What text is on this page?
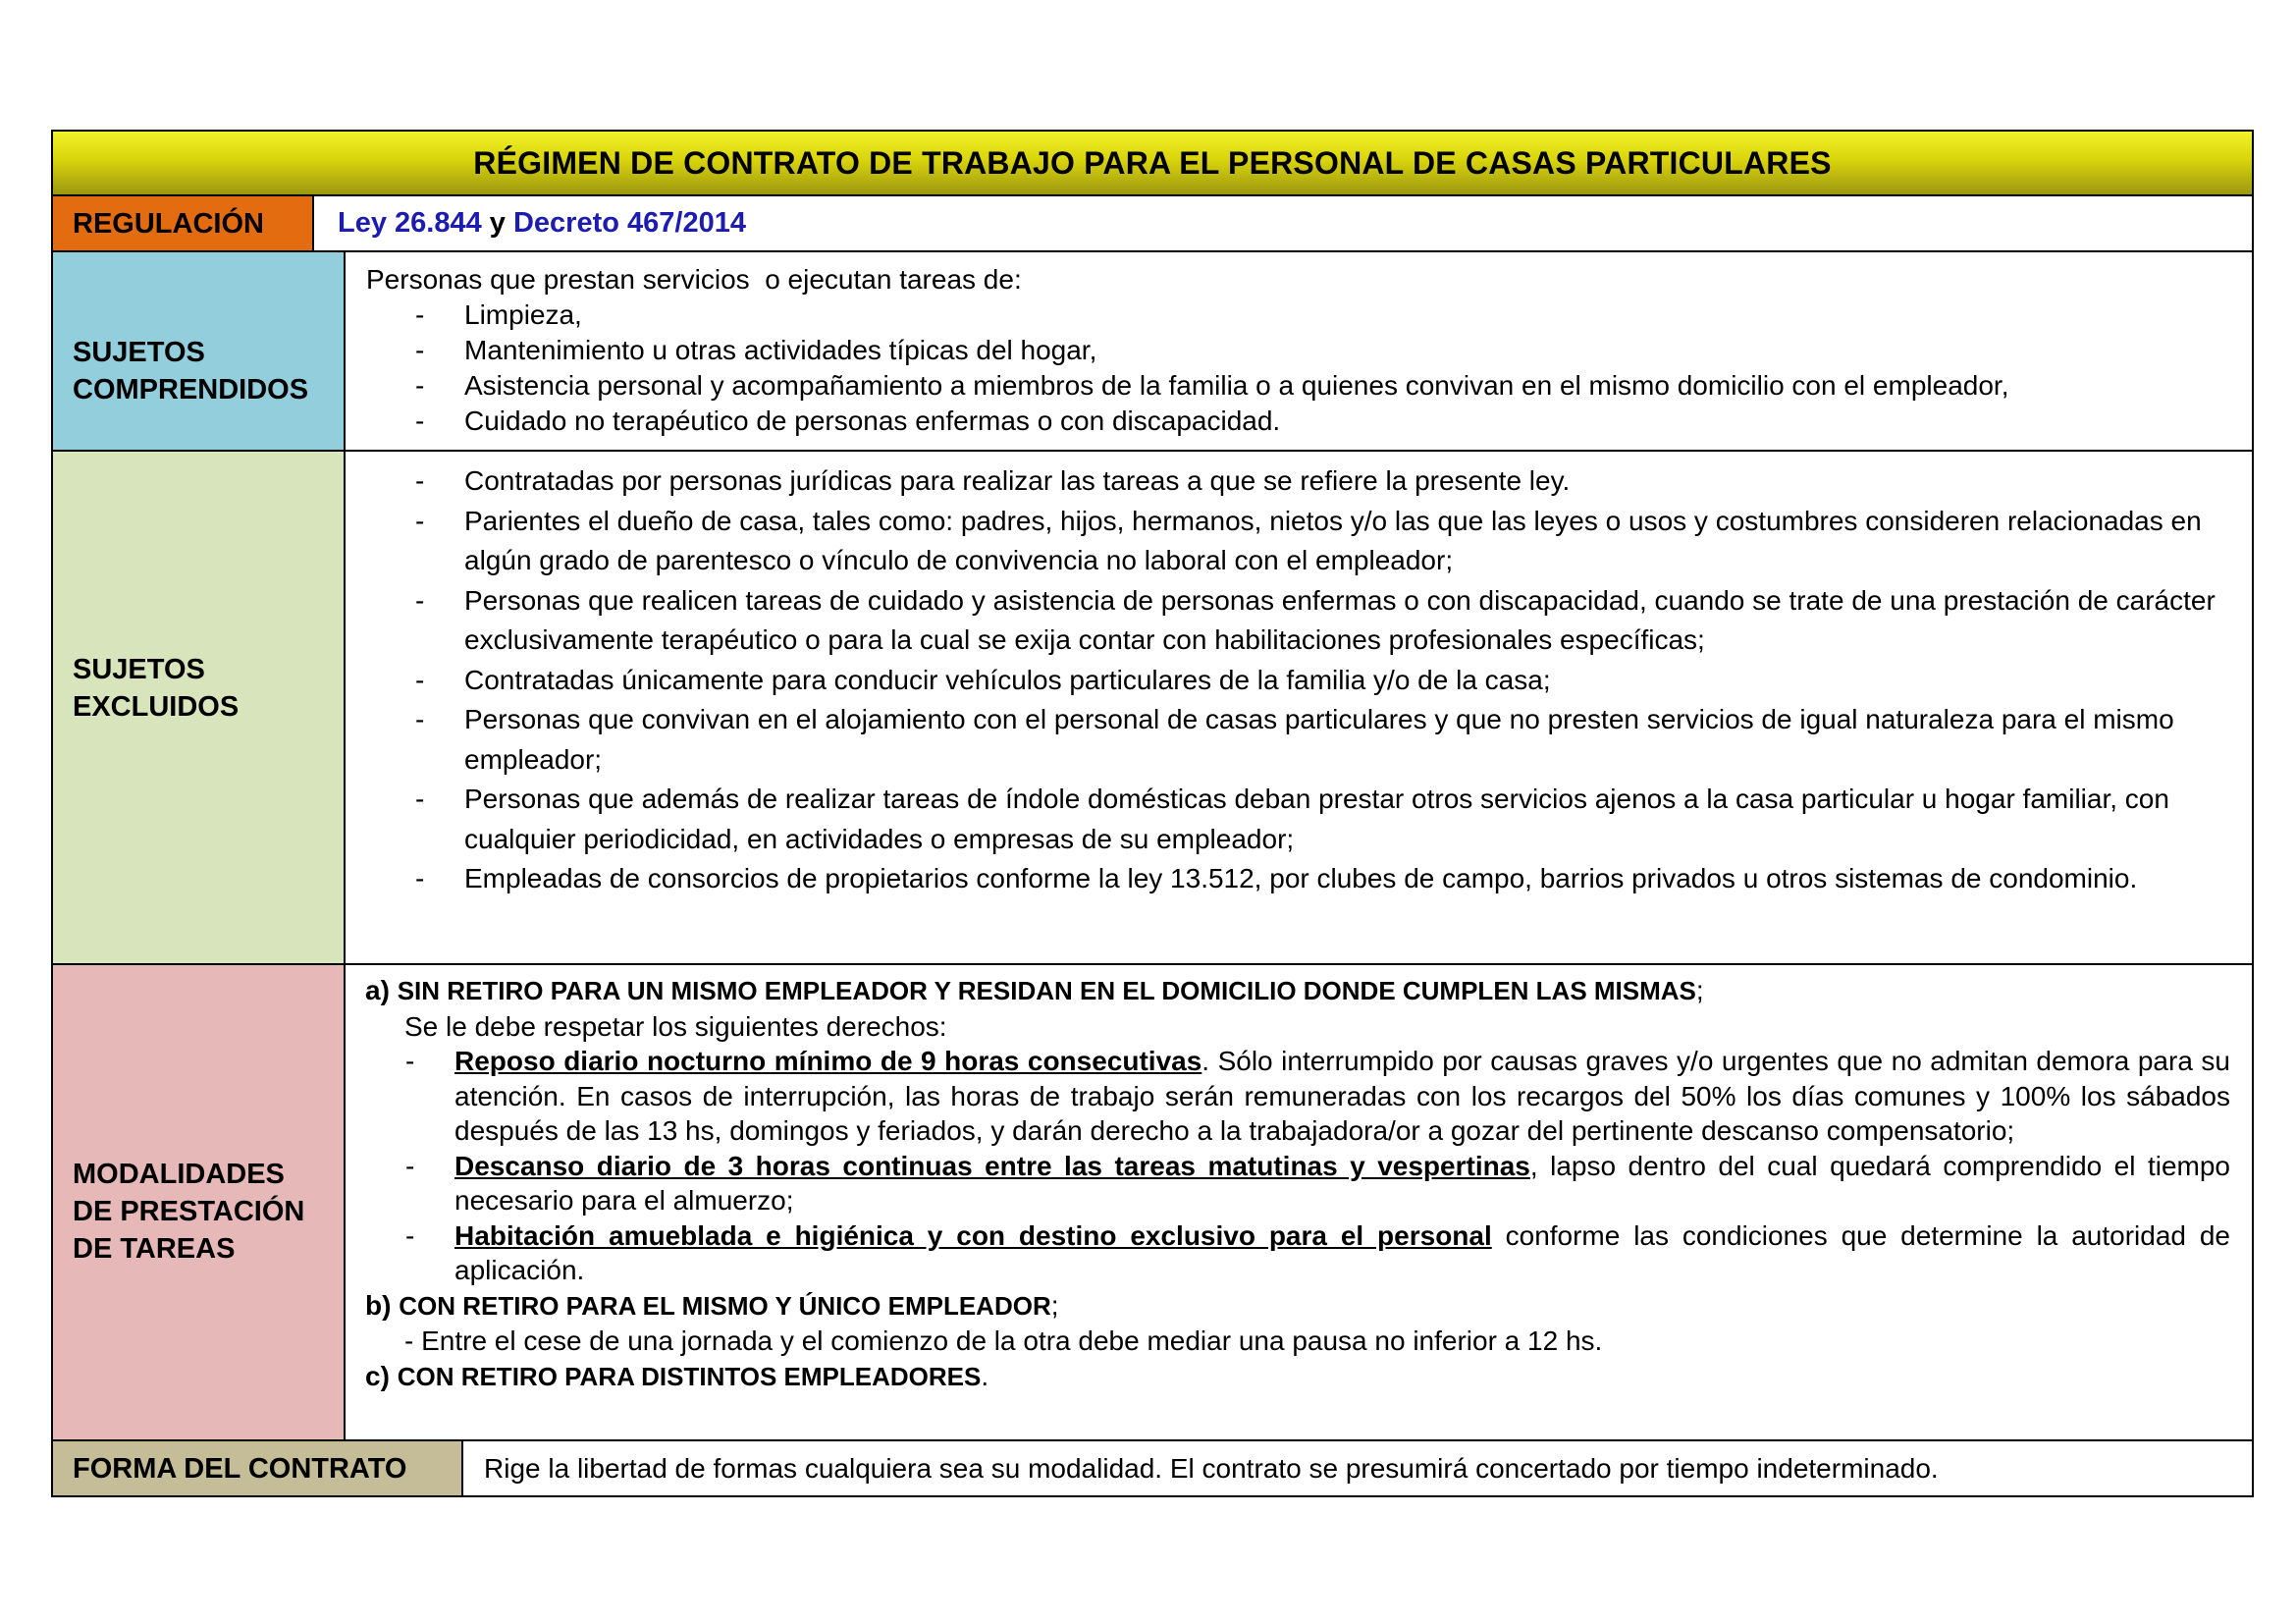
RÉGIMEN DE CONTRATO DE TRABAJO PARA EL PERSONAL DE CASAS PARTICULARES
REGULACIÓN	Ley 26.844 y Decreto 467/2014
SUJETOS
COMPRENDIDOS
Personas que prestan servicios  o ejecutan tareas de:
- Limpieza,
- Mantenimiento u otras actividades típicas del hogar,
- Asistencia personal y acompañamiento a miembros de la familia o a quienes convivan en el mismo domicilio con el empleador,
- Cuidado no terapéutico de personas enfermas o con discapacidad.
SUJETOS
EXCLUIDOS
- Contratadas por personas jurídicas para realizar las tareas a que se refiere la presente ley.
- Parientes el dueño de casa, tales como: padres, hijos, hermanos, nietos y/o las que las leyes o usos y costumbres consideren relacionadas en algún grado de parentesco o vínculo de convivencia no laboral con el empleador;
- Personas que realicen tareas de cuidado y asistencia de personas enfermas o con discapacidad, cuando se trate de una prestación de carácter exclusivamente terapéutico o para la cual se exija contar con habilitaciones profesionales específicas;
- Contratadas únicamente para conducir vehículos particulares de la familia y/o de la casa;
- Personas que convivan en el alojamiento con el personal de casas particulares y que no presten servicios de igual naturaleza para el mismo empleador;
- Personas que además de realizar tareas de índole domésticas deban prestar otros servicios ajenos a la casa particular u hogar familiar, con cualquier periodicidad, en actividades o empresas de su empleador;
- Empleadas de consorcios de propietarios conforme la ley 13.512, por clubes de campo, barrios privados u otros sistemas de condominio.
MODALIDADES
DE PRESTACIÓN
DE TAREAS
a) SIN RETIRO PARA UN MISMO EMPLEADOR Y RESIDAN EN EL DOMICILIO DONDE CUMPLEN LAS MISMAS;
Se le debe respetar los siguientes derechos:
- Reposo diario nocturno mínimo de 9 horas consecutivas. Sólo interrumpido por causas graves y/o urgentes que no admitan demora para su atención. En casos de interrupción, las horas de trabajo serán remuneradas con los recargos del 50% los días comunes y 100% los sábados después de las 13 hs, domingos y feriados, y darán derecho a la trabajadora/or a gozar del pertinente descanso compensatorio;
- Descanso diario de 3 horas continuas entre las tareas matutinas y vespertinas, lapso dentro del cual quedará comprendido el tiempo necesario para el almuerzo;
- Habitación amueblada e higiénica y con destino exclusivo para el personal conforme las condiciones que determine la autoridad de aplicación.
b) CON RETIRO PARA EL MISMO Y ÚNICO EMPLEADOR;
- Entre el cese de una jornada y el comienzo de la otra debe mediar una pausa no inferior a 12 hs.
c) CON RETIRO PARA DISTINTOS EMPLEADORES.
FORMA DEL CONTRATO	Rige la libertad de formas cualquiera sea su modalidad. El contrato se presumirá concertado por tiempo indeterminado.
